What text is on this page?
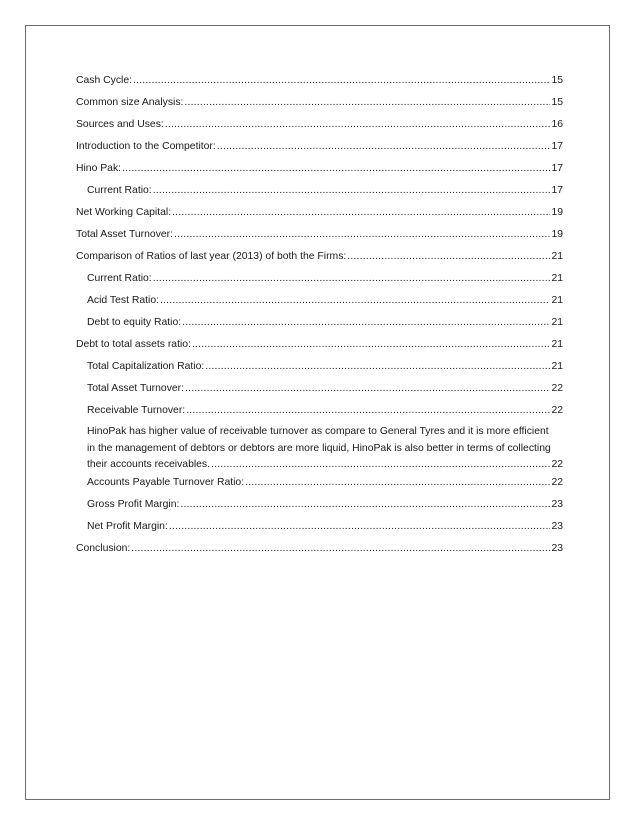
Cash Cycle: .....	15
Common size Analysis: .....	15
Sources and Uses: .....	16
Introduction to the Competitor: .....	17
Hino Pak: .....	17
Current Ratio: .....	17
Net Working Capital: .....	19
Total Asset Turnover: .....	19
Comparison of Ratios of last year (2013) of both the Firms: .....	21
Current Ratio: .....	21
Acid Test Ratio: .....	21
Debt to equity Ratio: .....	21
Debt to total assets ratio: .....	21
Total Capitalization Ratio: .....	21
Total Asset Turnover: .....	22
Receivable Turnover: .....	22
HinoPak has higher value of receivable turnover as compare to General Tyres and it is more efficient
in the management of debtors or debtors are more liquid, HinoPak is also better in terms of collecting
their accounts receivables. .....	22
Accounts Payable Turnover Ratio: .....	22
Gross Profit Margin: .....	23
Net Profit Margin: .....	23
Conclusion: .....	23
